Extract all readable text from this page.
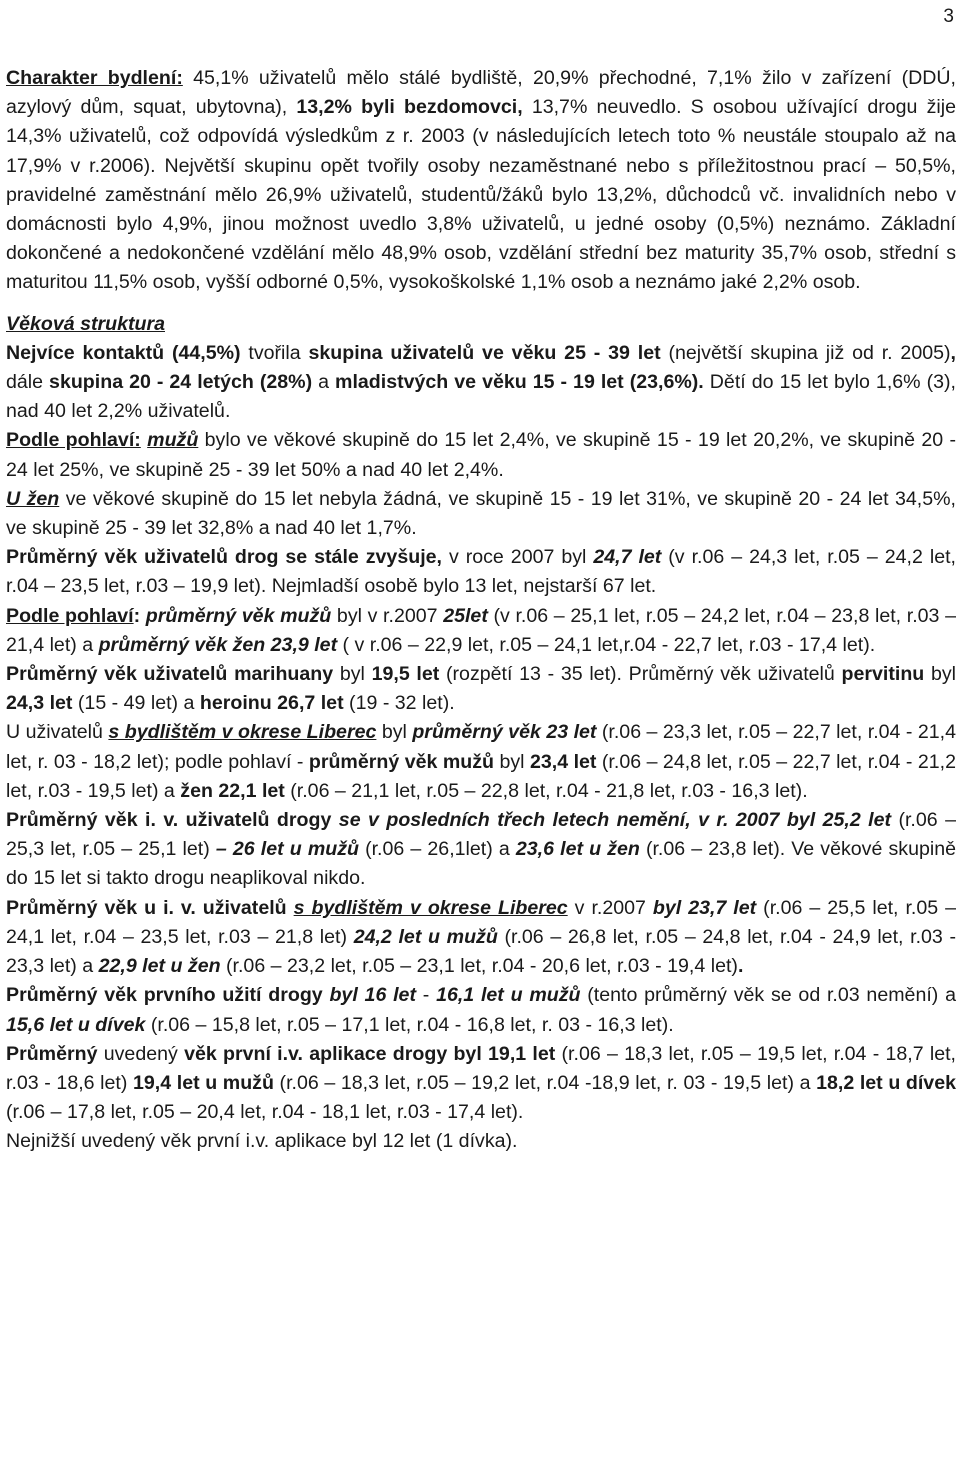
3

Charakter bydlení: 45,1% uživatelů mělo stálé bydliště, 20,9% přechodné, 7,1% žilo v zařízení (DDÚ, azylový dům, squat, ubytovna), 13,2% byli bezdomovci, 13,7% neuvedlo. S osobou užívající drogu žije 14,3% uživatelů, což odpovídá výsledkům z r. 2003 (v následujících letech toto % neustále stoupalo až na 17,9% v r.2006). Největší skupinu opět tvořily osoby nezaměstnané nebo s příležitostnou prací – 50,5%, pravidelné zaměstnání mělo 26,9% uživatelů, studentů/žáků bylo 13,2%, důchodců vč. invalidních nebo v domácnosti bylo 4,9%, jinou možnost uvedlo 3,8% uživatelů, u jedné osoby (0,5%) neznámo. Základní dokončené a nedokončené vzdělání mělo 48,9% osob, vzdělání střední bez maturity 35,7% osob, střední s maturitou 11,5% osob, vyšší odborné 0,5%, vysokoškolské 1,1% osob a neznámo jaké 2,2% osob.

Věková struktura

Nejvíce kontaktů (44,5%) tvořila skupina uživatelů ve věku 25 - 39 let (největší skupina již od r. 2005), dále skupina 20 - 24 letých (28%) a mladistvých ve věku 15 - 19 let (23,6%). Dětí do 15 let bylo 1,6% (3), nad 40 let 2,2% uživatelů.

Podle pohlaví: mužů bylo ve věkové skupině do 15 let 2,4%, ve skupině 15 - 19 let 20,2%, ve skupině 20 - 24 let 25%, ve skupině 25 - 39 let 50% a nad 40 let 2,4%.

U žen ve věkové skupině do 15 let nebyla žádná, ve skupině 15 - 19 let 31%, ve skupině 20 - 24 let 34,5%, ve skupině 25 - 39 let 32,8% a nad 40 let 1,7%.

Průměrný věk uživatelů drog se stále zvyšuje, v roce 2007 byl 24,7 let (v r.06 – 24,3 let, r.05 – 24,2 let, r.04 – 23,5 let, r.03 – 19,9 let). Nejmladší osobě bylo 13 let, nejstarší 67 let.

Podle pohlaví: průměrný věk mužů byl v r.2007 25let (v r.06 – 25,1 let, r.05 – 24,2 let, r.04 – 23,8 let, r.03 – 21,4 let) a průměrný věk žen 23,9 let ( v r.06 – 22,9 let, r.05 – 24,1 let,r.04 - 22,7 let, r.03 - 17,4 let).

Průměrný věk uživatelů marihuany byl 19,5 let (rozpětí 13 - 35 let). Průměrný věk uživatelů pervitinu byl 24,3 let (15 - 49 let) a heroinu 26,7 let (19 - 32 let).

U uživatelů s bydlištěm v okrese Liberec byl průměrný věk 23 let (r.06 – 23,3 let, r.05 – 22,7 let, r.04 - 21,4 let, r. 03 - 18,2 let); podle pohlaví - průměrný věk mužů byl 23,4 let (r.06 – 24,8 let, r.05 – 22,7 let, r.04 - 21,2 let, r.03 - 19,5 let) a žen 22,1 let (r.06 – 21,1 let, r.05 – 22,8 let, r.04 - 21,8 let, r.03 - 16,3 let).

Průměrný věk i. v. uživatelů drogy se v posledních třech letech nemění, v r. 2007 byl 25,2 let (r.06 – 25,3 let, r.05 – 25,1 let) – 26 let u mužů (r.06 – 26,1let) a 23,6 let u žen (r.06 – 23,8 let). Ve věkové skupině do 15 let si takto drogu neaplikoval nikdo.

Průměrný věk u i. v. uživatelů s bydlištěm v okrese Liberec v r.2007 byl 23,7 let (r.06 – 25,5 let, r.05 – 24,1 let, r.04 – 23,5 let, r.03 – 21,8 let) 24,2 let u mužů (r.06 – 26,8 let, r.05 – 24,8 let, r.04 - 24,9 let, r.03 - 23,3 let) a 22,9 let u žen (r.06 – 23,2 let, r.05 – 23,1 let, r.04 - 20,6 let, r.03 - 19,4 let).

Průměrný věk prvního užití drogy byl 16 let - 16,1 let u mužů (tento průměrný věk se od r.03 nemění) a 15,6 let u dívek (r.06 – 15,8 let, r.05 – 17,1 let, r.04 - 16,8 let, r. 03 - 16,3 let).

Průměrný uvedený věk první i.v. aplikace drogy byl 19,1 let (r.06 – 18,3 let, r.05 – 19,5 let, r.04 - 18,7 let, r.03 - 18,6 let) 19,4 let u mužů (r.06 – 18,3 let, r.05 – 19,2 let, r.04 -18,9 let, r. 03 - 19,5 let) a 18,2 let u dívek (r.06 – 17,8 let, r.05 – 20,4 let, r.04 - 18,1 let, r.03 - 17,4 let).

Nejnižší uvedený věk první i.v. aplikace byl 12 let (1 dívka).
